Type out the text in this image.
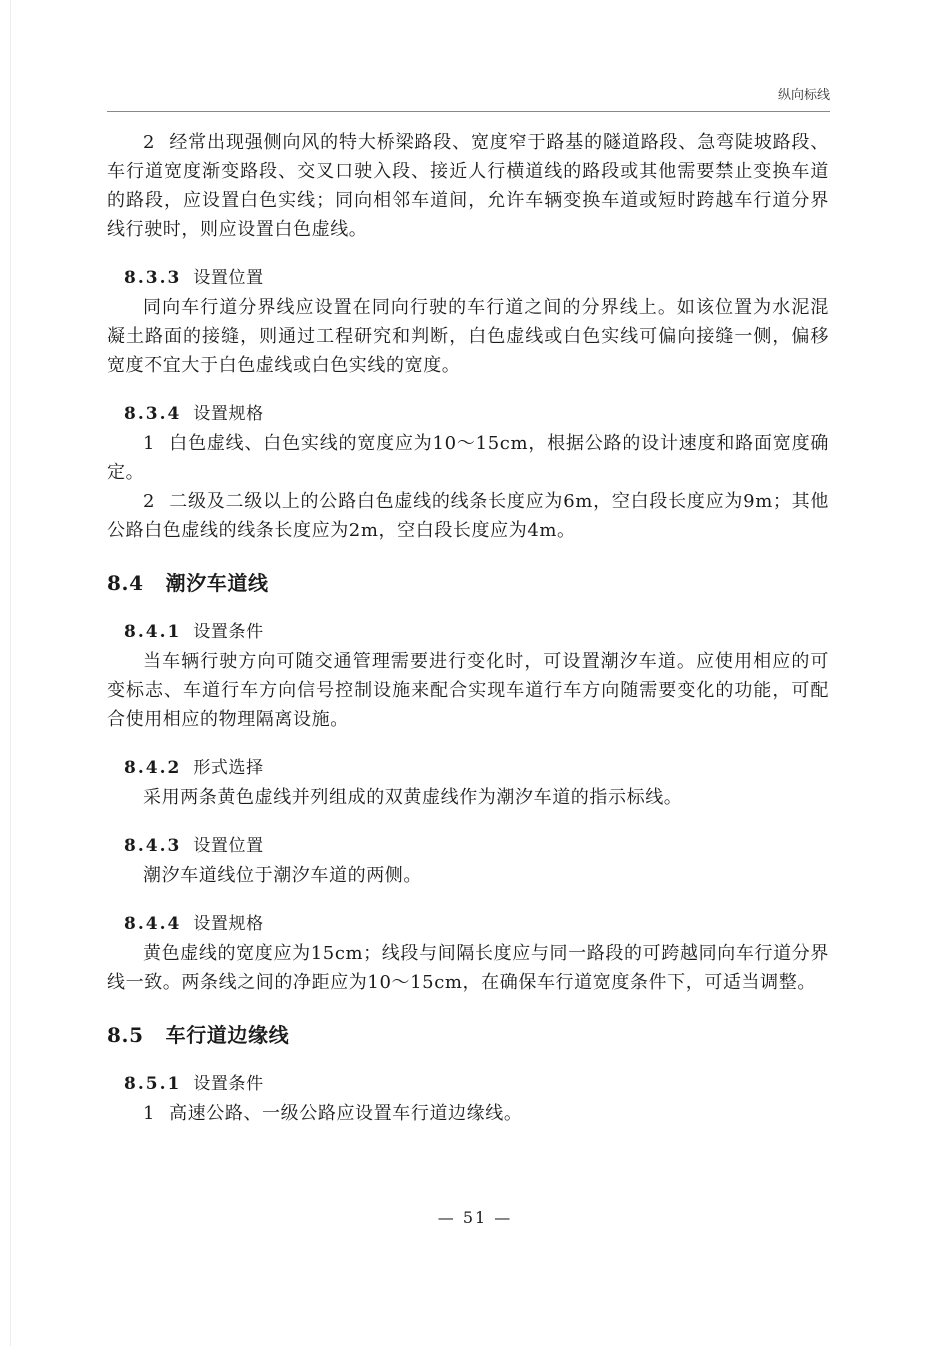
纵向标线

2 经常出现强侧向风的特大桥梁路段、宽度窄于路基的隧道路段、急弯陡坡路段、车行道宽度渐变路段、交叉口驶入段、接近人行横道线的路段或其他需要禁止变换车道的路段，应设置白色实线；同向相邻车道间，允许车辆变换车道或短时跨越车行道分界线行驶时，则应设置白色虚线。

8.3.3 设置位置

同向车行道分界线应设置在同向行驶的车行道之间的分界线上。如该位置为水泥混凝土路面的接缝，则通过工程研究和判断，白色虚线或白色实线可偏向接缝一侧，偏移宽度不宜大于白色虚线或白色实线的宽度。

8.3.4 设置规格

1 白色虚线、白色实线的宽度应为10～15cm，根据公路的设计速度和路面宽度确定。

2 二级及二级以上的公路白色虚线的线条长度应为6m，空白段长度应为9m；其他公路白色虚线的线条长度应为2m，空白段长度应为4m。

8.4 潮汐车道线
8.4.1 设置条件

当车辆行驶方向可随交通管理需要进行变化时，可设置潮汐车道。应使用相应的可变标志、车道行车方向信号控制设施来配合实现车道行车方向随需要变化的功能，可配合使用相应的物理隔离设施。

8.4.2 形式选择

采用两条黄色虚线并列组成的双黄虚线作为潮汐车道的指示标线。

8.4.3 设置位置

潮汐车道线位于潮汐车道的两侧。

8.4.4 设置规格

黄色虚线的宽度应为15cm；线段与间隔长度应与同一路段的可跨越同向车行道分界线一致。两条线之间的净距应为10～15cm，在确保车行道宽度条件下，可适当调整。

8.5 车行道边缘线
8.5.1 设置条件

1 高速公路、一级公路应设置车行道边缘线。

— 51 —
